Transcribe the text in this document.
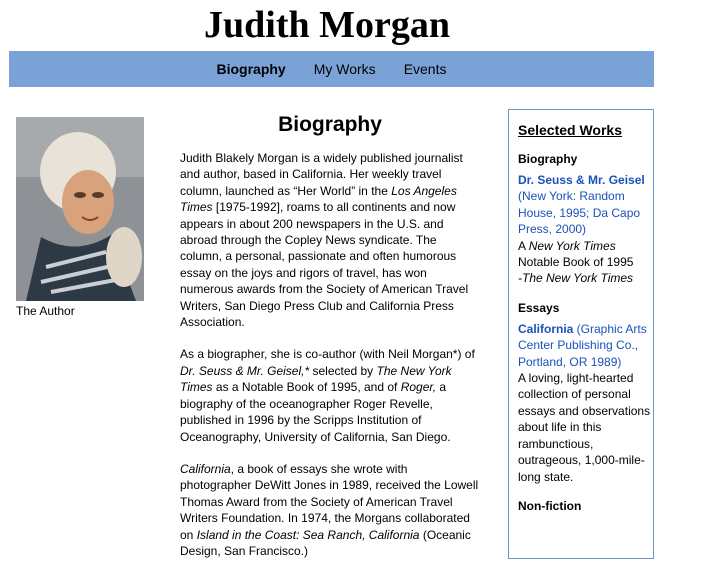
Judith Morgan
Biography My Works Events
The Author
Biography

Judith Blakely Morgan is a widely published journalist and author, based in California. Her weekly travel column, launched as “Her World” in the Los Angeles Times [1975-1992], roams to all continents and now appears in about 200 newspapers in the U.S. and abroad through the Copley News syndicate. The column, a personal, passionate and often humorous essay on the joys and rigors of travel, has won numerous awards from the Society of American Travel Writers, San Diego Press Club and California Press Association.

As a biographer, she is co-author (with Neil Morgan*) of Dr. Seuss & Mr. Geisel,* selected by The New York Times as a Notable Book of 1995, and of Roger, a biography of the oceanographer Roger Revelle, published in 1996 by the Scripps Institution of Oceanography, University of California, San Diego.

California, a book of essays she wrote with photographer DeWitt Jones in 1989, received the Lowell Thomas Award from the Society of American Travel Writers Foundation. In 1974, the Morgans collaborated on Island in the Coast: Sea Ranch, California (Oceanic Design, San Francisco.)

Selected Works
Biography
Dr. Seuss & Mr. Geisel (New York: Random House, 1995; Da Capo Press, 2000)
A New York Times Notable Book of 1995
-The New York Times
Essays
California (Graphic Arts Center Publishing Co., Portland, OR 1989)
A loving, light-hearted collection of personal essays and observations about life in this rambunctious, outrageous, 1,000-mile-long state.
Non-fiction
